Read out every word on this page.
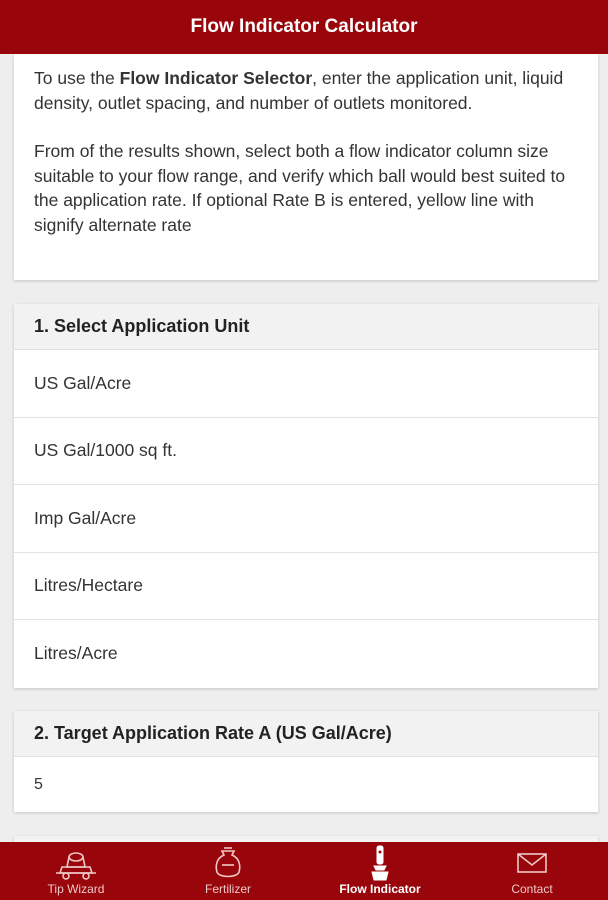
Flow Indicator Calculator

To use the Flow Indicator Selector, enter the application unit, liquid density, outlet spacing, and number of outlets monitored.

From of the results shown, select both a flow indicator column size suitable to your flow range, and verify which ball would best suited to the application rate. If optional Rate B is entered, yellow line with signify alternate rate

1. Select Application Unit
US Gal/Acre
US Gal/1000 sq ft.
Imp Gal/Acre
Litres/Hectare
Litres/Acre
2. Target Application Rate A (US Gal/Acre)
5
Tip Wizard	Fertilizer	Flow Indicator	Contact
